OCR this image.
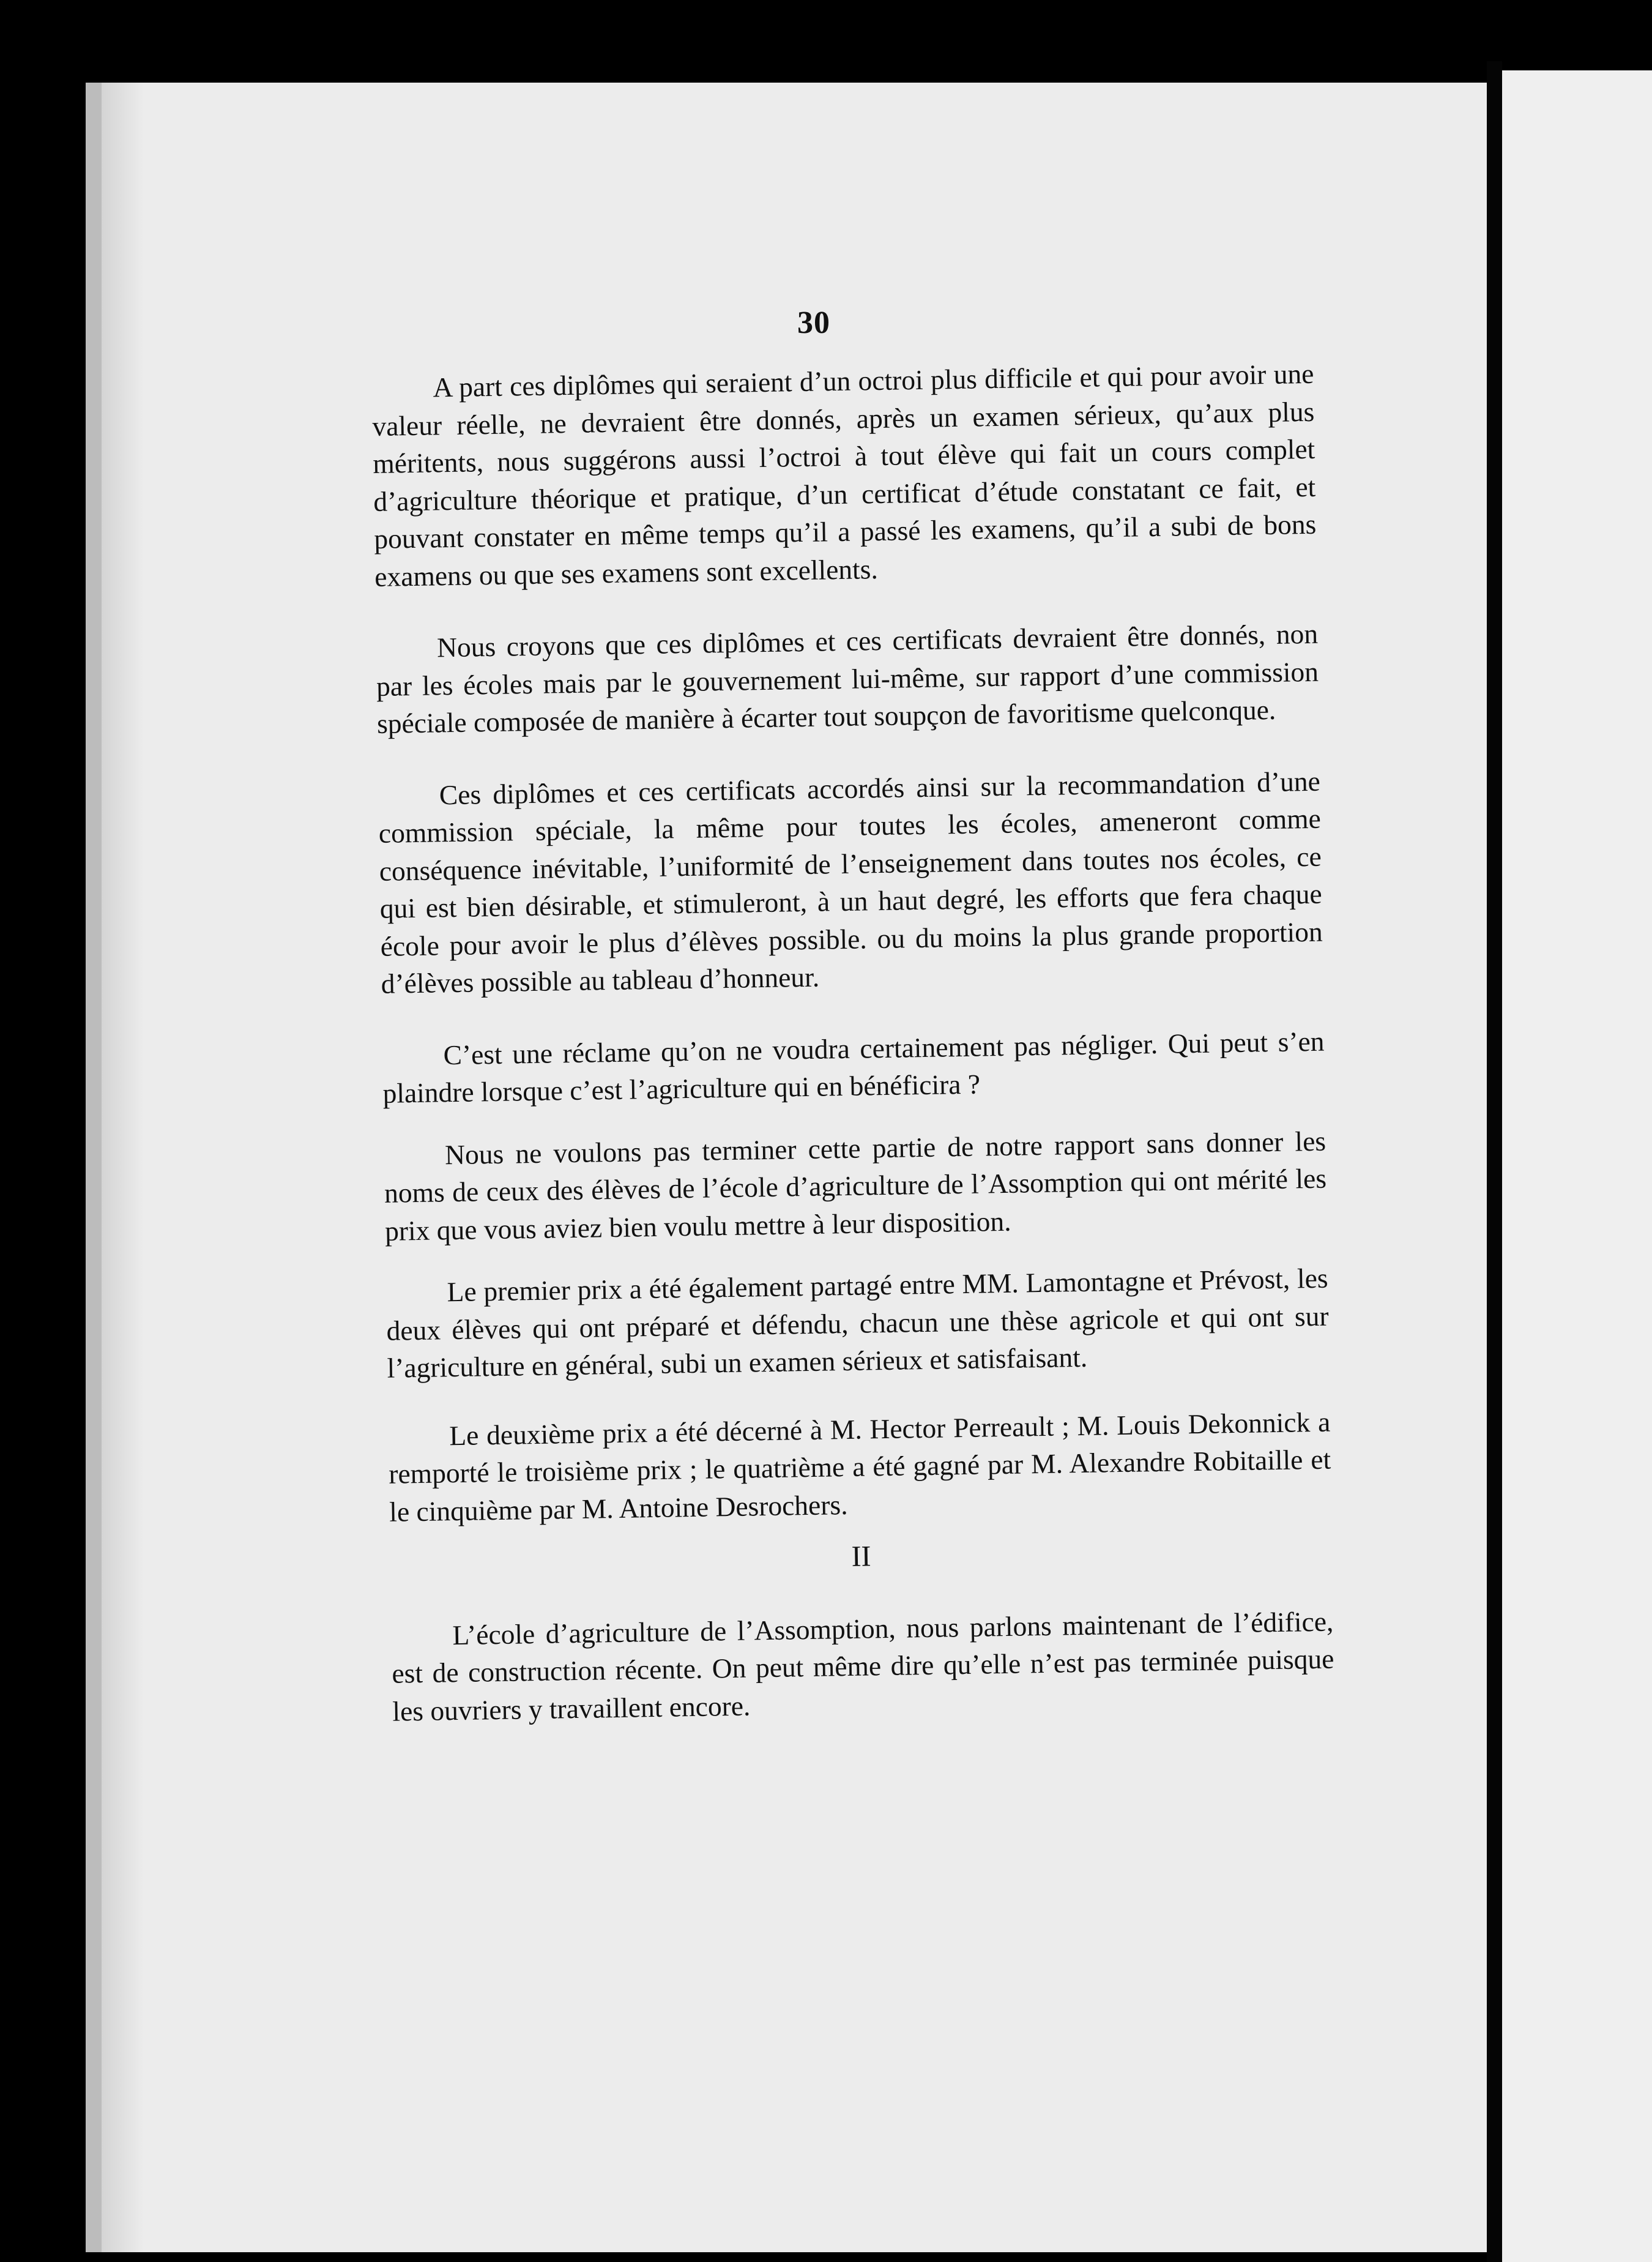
30

A part ces diplômes qui seraient d’un octroi plus difficile et qui pour avoir une valeur réelle, ne devraient être donnés, après un examen sérieux, qu’aux plus méritents, nous suggérons aussi l’octroi à tout élève qui fait un cours complet d’agriculture théorique et pratique, d’un certificat d’étude constatant ce fait, et pouvant constater en même temps qu’il a passé les examens, qu’il a subi de bons examens ou que ses examens sont excellents.

Nous croyons que ces diplômes et ces certificats devraient être donnés, non par les écoles mais par le gouvernement lui-même, sur rapport d’une commission spéciale composée de manière à écarter tout soupçon de favoritisme quelconque.

Ces diplômes et ces certificats accordés ainsi sur la recommandation d’une commission spéciale, la même pour toutes les écoles, ameneront comme conséquence inévitable, l’uniformité de l’enseignement dans toutes nos écoles, ce qui est bien désirable, et stimuleront, à un haut degré, les efforts que fera chaque école pour avoir le plus d’élèves possible. ou du moins la plus grande proportion d’élèves possible au tableau d’honneur.

C’est une réclame qu’on ne voudra certainement pas négliger. Qui peut s’en plaindre lorsque c’est l’agriculture qui en bénéficira ?

Nous ne voulons pas terminer cette partie de notre rapport sans donner les noms de ceux des élèves de l’école d’agriculture de l’Assomption qui ont mérité les prix que vous aviez bien voulu mettre à leur disposition.

Le premier prix a été également partagé entre MM. Lamontagne et Prévost, les deux élèves qui ont préparé et défendu, chacun une thèse agricole et qui ont sur l’agriculture en général, subi un examen sérieux et satisfaisant.

Le deuxième prix a été décerné à M. Hector Perreault ; M. Louis Dekonnick a remporté le troisième prix ; le quatrième a été gagné par M. Alexandre Robitaille et le cinquième par M. Antoine Desrochers.

II

L’école d’agriculture de l’Assomption, nous parlons maintenant de l’édifice, est de construction récente. On peut même dire qu’elle n’est pas terminée puisque les ouvriers y travaillent encore.
